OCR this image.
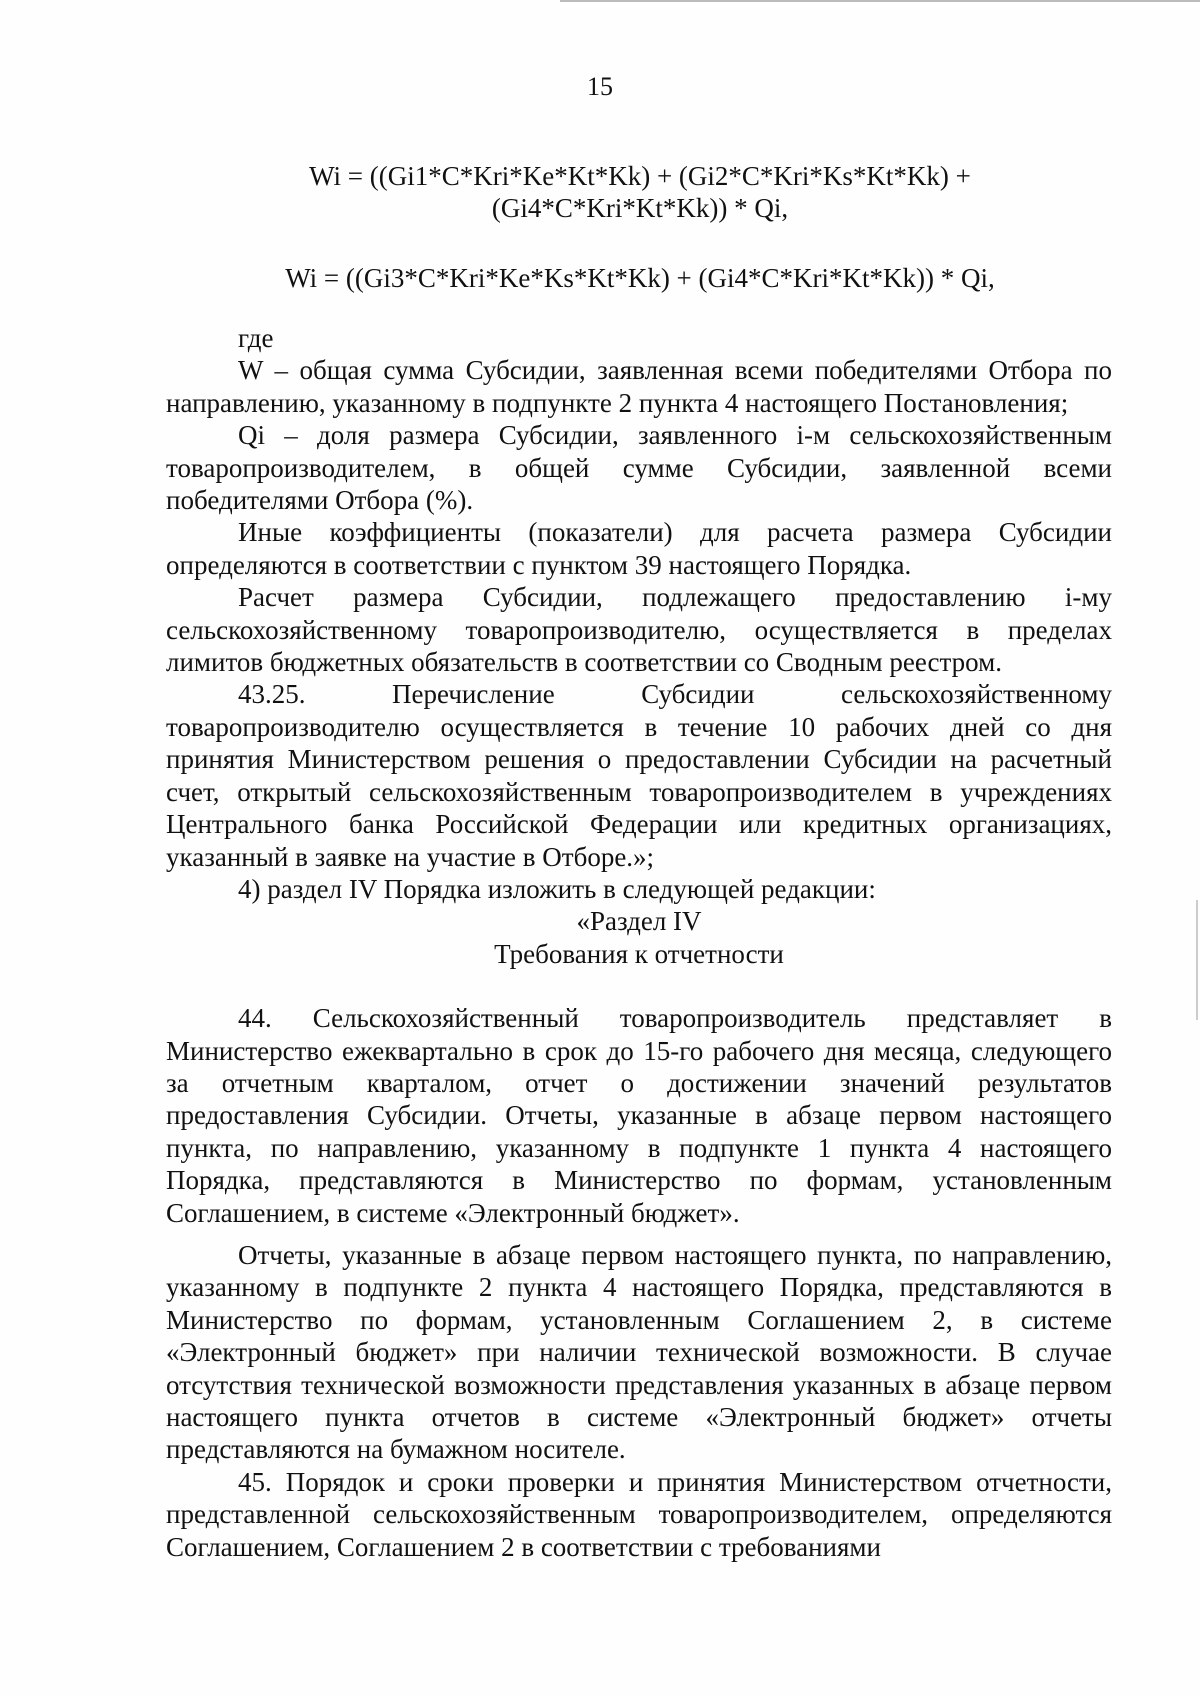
15
Wi = ((Gi1*C*Kri*Ke*Kt*Kk) + (Gi2*C*Kri*Ks*Kt*Kk) +
(Gi4*C*Kri*Kt*Kk)) * Qi,
Wi = ((Gi3*C*Kri*Ke*Ks*Kt*Kk) + (Gi4*C*Kri*Kt*Kk)) * Qi,

где

W – общая сумма Субсидии, заявленная всеми победителями Отбора по направлению, указанному в подпункте 2 пункта 4 настоящего Постановления;

Qi – доля размера Субсидии, заявленного i-м сельскохозяйственным товаропроизводителем, в общей сумме Субсидии, заявленной всеми победителями Отбора (%).

Иные коэффициенты (показатели) для расчета размера Субсидии определяются в соответствии с пунктом 39 настоящего Порядка.

Расчет размера Субсидии, подлежащего предоставлению i-му сельскохозяйственному товаропроизводителю, осуществляется в пределах лимитов бюджетных обязательств в соответствии со Сводным реестром.

43.25. Перечисление Субсидии сельскохозяйственному товаропроизводителю осуществляется в течение 10 рабочих дней со дня принятия Министерством решения о предоставлении Субсидии на расчетный счет, открытый сельскохозяйственным товаропроизводителем в учреждениях Центрального банка Российской Федерации или кредитных организациях, указанный в заявке на участие в Отборе.»;

4) раздел IV Порядка изложить в следующей редакции:

«Раздел IV

Требования к отчетности

44. Сельскохозяйственный товаропроизводитель представляет в Министерство ежеквартально в срок до 15-го рабочего дня месяца, следующего за отчетным кварталом, отчет о достижении значений результатов предоставления Субсидии. Отчеты, указанные в абзаце первом настоящего пункта, по направлению, указанному в подпункте 1 пункта 4 настоящего Порядка, представляются в Министерство по формам, установленным Соглашением, в системе «Электронный бюджет».

Отчеты, указанные в абзаце первом настоящего пункта, по направлению, указанному в подпункте 2 пункта 4 настоящего Порядка, представляются в Министерство по формам, установленным Соглашением 2, в системе «Электронный бюджет» при наличии технической возможности. В случае отсутствия технической возможности представления указанных в абзаце первом настоящего пункта отчетов в системе «Электронный бюджет» отчеты представляются на бумажном носителе.

45. Порядок и сроки проверки и принятия Министерством отчетности, представленной сельскохозяйственным товаропроизводителем, определяются Соглашением, Соглашением 2 в соответствии с требованиями
